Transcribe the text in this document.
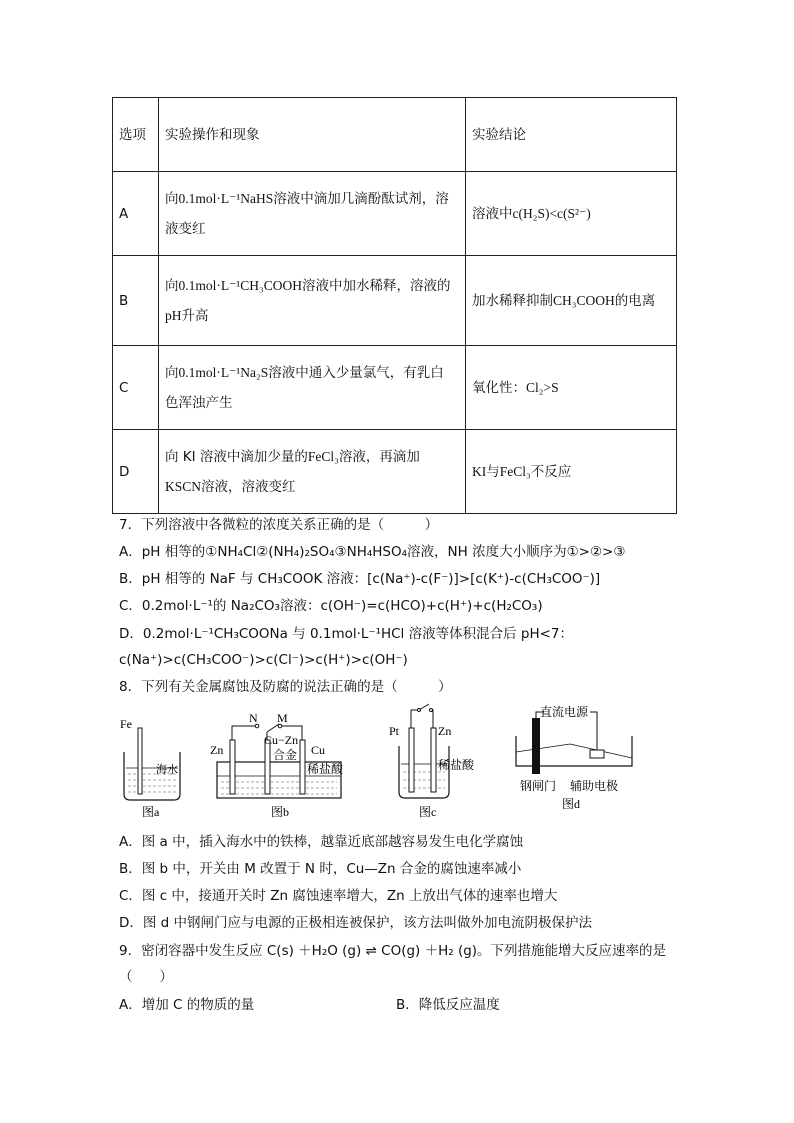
选项	实验操作和现象	实验结论
A	向0.1mol·L⁻¹NaHS溶液中滴加几滴酚酞试剂，溶
液变红	溶液中c(H₂S)<c(S²⁻)
B	向0.1mol·L⁻¹CH₃COOH溶液中加水稀释，溶液的
pH升高	加水稀释抑制CH₃COOH的电离
C	向0.1mol·L⁻¹Na₂S溶液中通入少量氯气，有乳白
色浑浊产生	氧化性：Cl₂>S
D	向 KI 溶液中滴加少量的FeCl₃溶液，再滴加
KSCN溶液，溶液变红	KI与FeCl₃不反应
7．下列溶液中各微粒的浓度关系正确的是（　　　）
A．pH 相等的①NH₄Cl②(NH₄)₂SO₄③NH₄HSO₄溶液，NH 浓度大小顺序为①>②>③
B．pH 相等的 NaF 与 CH₃COOK 溶液：[c(Na⁺)-c(F⁻)]>[c(K⁺)-c(CH₃COO⁻)]
C．0.2mol·L⁻¹的 Na₂CO₃溶液：c(OH⁻)=c(HCO)+c(H⁺)+c(H₂CO₃)
D．0.2mol·L⁻¹CH₃COONa 与 0.1mol·L⁻¹HCl 溶液等体积混合后 pH<7：
c(Na⁺)>c(CH₃COO⁻)>c(Cl⁻)>c(H⁺)>c(OH⁻)
8．下列有关金属腐蚀及防腐的说法正确的是（　　　）
Fe
海水
图a
N M
Cu−Zn
合金
Zn	Cu
稀盐酸
图b
Pt	Zn
稀盐酸
图c
直流电源
钢闸门 辅助电极
图d
A．图 a 中，插入海水中的铁棒，越靠近底部越容易发生电化学腐蚀
B．图 b 中，开关由 M 改置于 N 时，Cu—Zn 合金的腐蚀速率减小
C．图 c 中，接通开关时 Zn 腐蚀速率增大，Zn 上放出气体的速率也增大
D．图 d 中钢闸门应与电源的正极相连被保护，该方法叫做外加电流阴极保护法
9．密闭容器中发生反应 C(s) ＋H₂O (g) ⇌ CO(g) ＋H₂ (g)。下列措施能增大反应速率的是
（　　）
A．增加 C 的物质的量	B．降低反应温度
